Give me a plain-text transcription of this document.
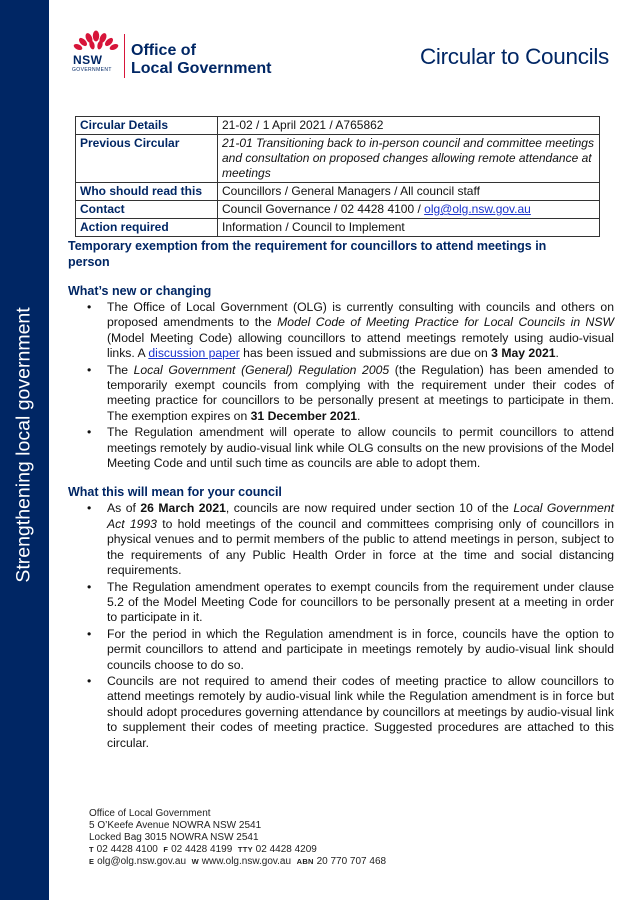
Strengthening local government
NSW
GOVERNMENT
Office of
Local Government	Circular to Councils
Circular Details	21-02 / 1 April 2021 / A765862
Previous Circular	21-01 Transitioning back to in-person council and committee meetings and consultation on proposed changes allowing remote attendance at meetings
Who should read this	Councillors / General Managers / All council staff
Contact	Council Governance / 02 4428 4100 / olg@olg.nsw.gov.au
Action required	Information / Council to Implement
Temporary exemption from the requirement for councillors to attend meetings in person
What’s new or changing
• The Office of Local Government (OLG) is currently consulting with councils and others on proposed amendments to the Model Code of Meeting Practice for Local Councils in NSW (Model Meeting Code) allowing councillors to attend meetings remotely using audio-visual links. A discussion paper has been issued and submissions are due on 3 May 2021.
• The Local Government (General) Regulation 2005 (the Regulation) has been amended to temporarily exempt councils from complying with the requirement under their codes of meeting practice for councillors to be personally present at meetings to participate in them. The exemption expires on 31 December 2021.
• The Regulation amendment will operate to allow councils to permit councillors to attend meetings remotely by audio-visual link while OLG consults on the new provisions of the Model Meeting Code and until such time as councils are able to adopt them.
What this will mean for your council
• As of 26 March 2021, councils are now required under section 10 of the Local Government Act 1993 to hold meetings of the council and committees comprising only of councillors in physical venues and to permit members of the public to attend meetings in person, subject to the requirements of any Public Health Order in force at the time and social distancing requirements.
• The Regulation amendment operates to exempt councils from the requirement under clause 5.2 of the Model Meeting Code for councillors to be personally present at a meeting in order to participate in it.
• For the period in which the Regulation amendment is in force, councils have the option to permit councillors to attend and participate in meetings remotely by audio-visual link should councils choose to do so.
• Councils are not required to amend their codes of meeting practice to allow councillors to attend meetings remotely by audio-visual link while the Regulation amendment is in force but should adopt procedures governing attendance by councillors at meetings by audio-visual link to supplement their codes of meeting practice. Suggested procedures are attached to this circular.
Office of Local Government
5 O’Keefe Avenue NOWRA NSW 2541
Locked Bag 3015 NOWRA NSW 2541
T 02 4428 4100 F 02 4428 4199 TTY 02 4428 4209
E olg@olg.nsw.gov.au W www.olg.nsw.gov.au ABN 20 770 707 468
